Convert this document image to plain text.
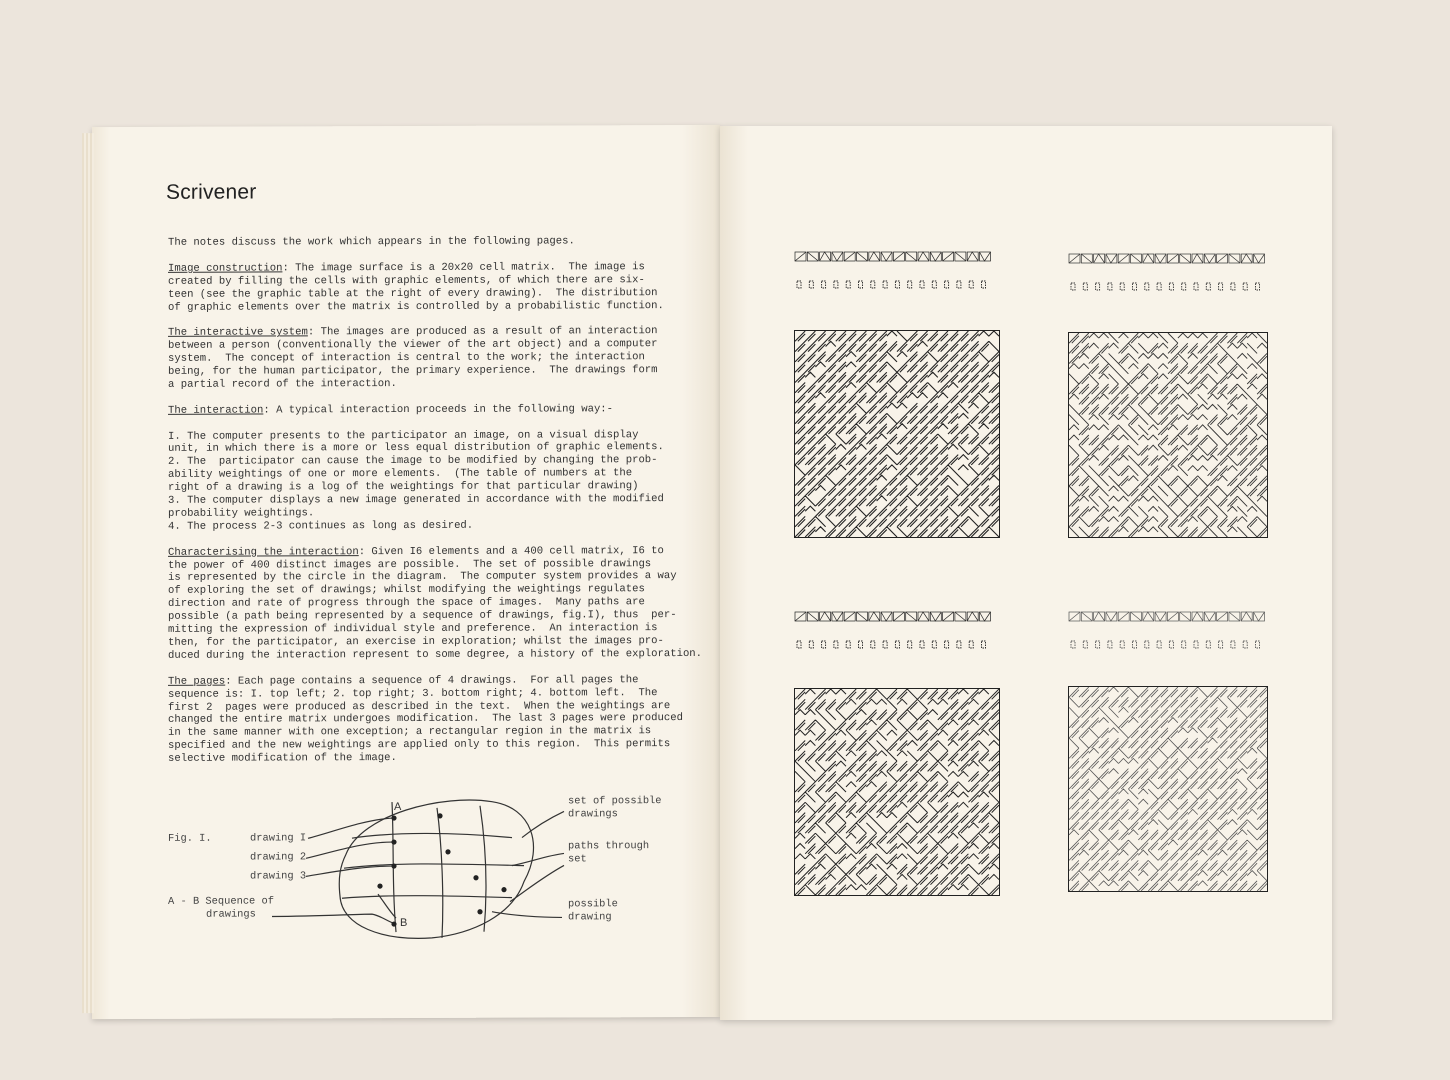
Scrivener

The notes discuss the work which appears in the following pages.

Image construction: The image surface is a 20x20 cell matrix.  The image is
created by filling the cells with graphic elements, of which there are six-
teen (see the graphic table at the right of every drawing).  The distribution
of graphic elements over the matrix is controlled by a probabilistic function.

The interactive system: The images are produced as a result of an interaction
between a person (conventionally the viewer of the art object) and a computer
system.  The concept of interaction is central to the work; the interaction
being, for the human participator, the primary experience.  The drawings form
a partial record of the interaction.

The interaction: A typical interaction proceeds in the following way:-

I. The computer presents to the participator an image, on a visual display
unit, in which there is a more or less equal distribution of graphic elements.
2. The  participator can cause the image to be modified by changing the prob-
ability weightings of one or more elements.  (The table of numbers at the
right of a drawing is a log of the weightings for that particular drawing)
3. The computer displays a new image generated in accordance with the modified
probability weightings.
4. The process 2-3 continues as long as desired.

Characterising the interaction: Given I6 elements and a 400 cell matrix, I6 to
the power of 400 distinct images are possible.  The set of possible drawings
is represented by the circle in the diagram.  The computer system provides a way
of exploring the set of drawings; whilst modifying the weightings regulates
direction and rate of progress through the space of images.  Many paths are
possible (a path being represented by a sequence of drawings, fig.I), thus  per-
mitting the expression of individual style and preference.  An interaction is
then, for the participator, an exercise in exploration; whilst the images pro-
duced during the interaction represent to some degree, a history of the exploration.

The pages: Each page contains a sequence of 4 drawings.  For all pages the
sequence is: I. top left; 2. top right; 3. bottom right; 4. bottom left.  The
first 2  pages were produced as described in the text.  When the weightings are
changed the entire matrix undergoes modification.  The last 3 pages were produced
in the same manner with one exception; a rectangular region in the matrix is
specified and the new weightings are applied only to this region.  This permits
selective modification of the image.

A
B
Fig. I.	drawing I
drawing 2
drawing 3
A - B Sequence of
drawings
set of possible
drawings
paths through
set
possible
drawing
